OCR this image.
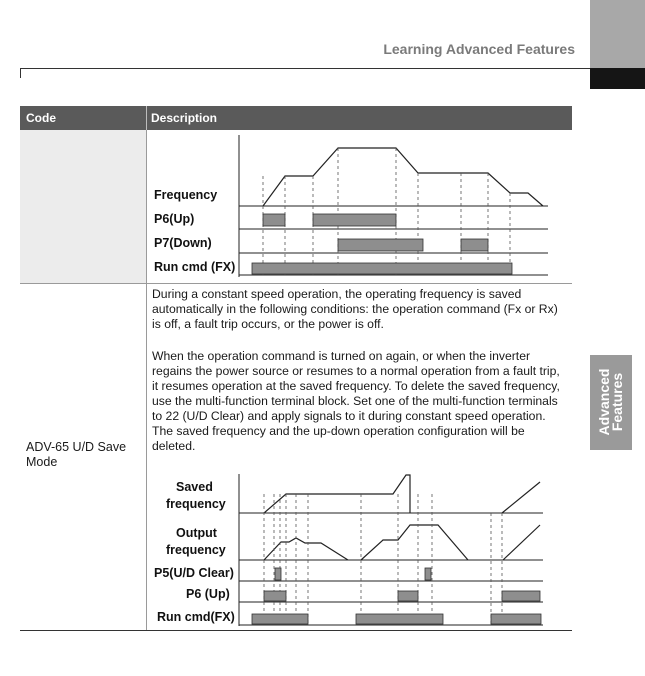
Learning Advanced Features
Advanced
Features
Code	Description
ADV-65 U/D Save Mode
During a constant speed operation, the operating frequency is saved automatically in the following conditions: the operation command (Fx or Rx) is off, a fault trip occurs, or the power is off.
When the operation command is turned on again, or when the inverter regains the power source or resumes to a normal operation from a fault trip, it resumes operation at the saved frequency. To delete the saved frequency, use the multi-function terminal block. Set one of the multi-function terminals to 22 (U/D Clear) and apply signals to it during constant speed operation. The saved frequency and the up-down operation configuration will be deleted.
Frequency
P6(Up)
P7(Down)
Run cmd (FX)
Saved
frequency
Output
frequency
P5(U/D Clear)
P6 (Up)
Run cmd(FX)
